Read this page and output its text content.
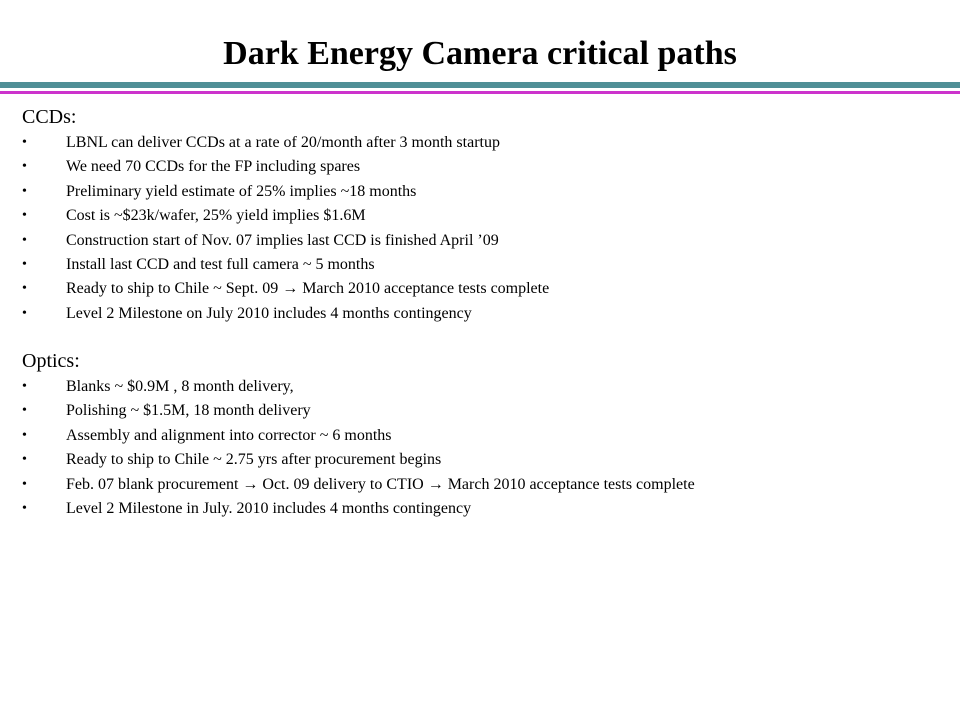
Dark Energy Camera critical paths
CCDs:
• LBNL can deliver CCDs at a rate of 20/month after 3 month startup
• We need 70 CCDs for the FP including spares
• Preliminary yield estimate of 25% implies ~18 months
• Cost is ~$23k/wafer, 25% yield implies $1.6M
• Construction start of Nov. 07 implies last CCD is finished April ’09
• Install last CCD and test full camera ~ 5 months
• Ready to ship to Chile ~ Sept. 09 → March 2010 acceptance tests complete
• Level 2 Milestone on July 2010 includes 4 months contingency
Optics:
• Blanks ~ $0.9M , 8 month delivery,
• Polishing ~ $1.5M, 18 month delivery
• Assembly and alignment into corrector ~ 6 months
• Ready to ship to Chile ~ 2.75 yrs after procurement begins
• Feb. 07 blank procurement → Oct. 09 delivery to CTIO → March 2010 acceptance tests complete
• Level 2 Milestone in July. 2010 includes 4 months contingency
